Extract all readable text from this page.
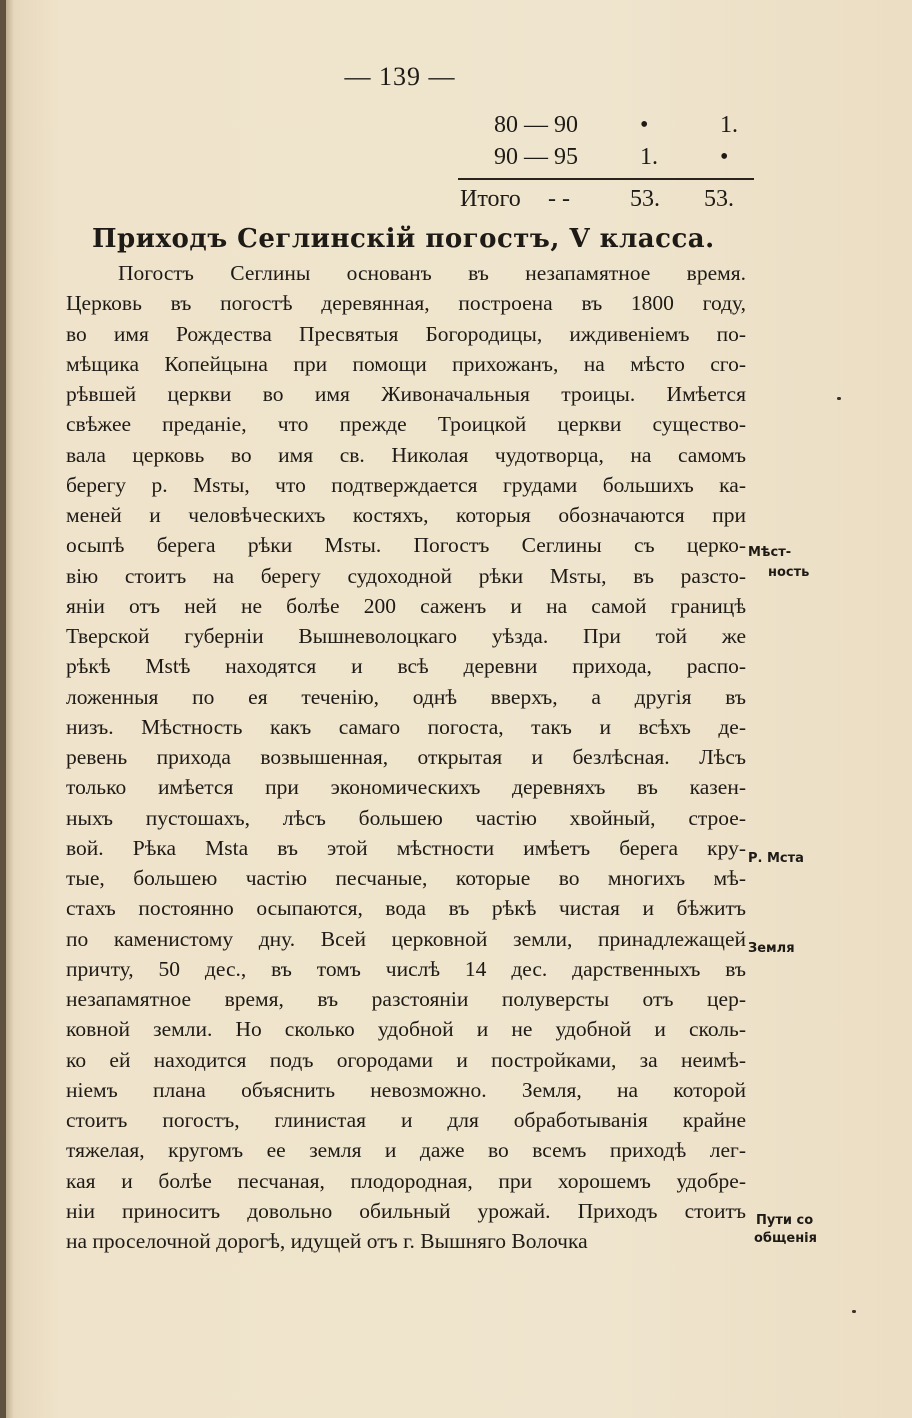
— 139 —
80 — 90	•	1.
90 — 95	1.	•
Итого - -	53. 53.
Приходъ Сеглинскій погостъ, V класса.
Погостъ Сеглины основанъ въ незапамятное время.
Церковь въ погостѣ деревянная, построена въ 1800 году,
во имя Рождества Пресвятыя Богородицы, иждивеніемъ по-
мѣщика Копейцына при помощи прихожанъ, на мѣсто сго-
рѣвшей церкви во имя Живоначальныя троицы. Имѣется
свѣжее преданіе, что прежде Троицкой церкви существо-
вала церковь во имя св. Николая чудотворца, на самомъ
берегу р. Msты, что подтверждается грудами большихъ ка-
меней и человѣческихъ костяхъ, которыя обозначаются при
осыпѣ берега рѣки Msты. Погостъ Сеглины съ церко-
вію стоитъ на берегу судоходной рѣки Msты, въ разсто-
яніи отъ ней не болѣе 200 саженъ и на самой границѣ
Тверской губерніи Вышневолоцкаго уѣзда. При той же
рѣкѣ Mstѣ находятся и всѣ деревни прихода, распо-
ложенныя по ея теченію, однѣ вверхъ, а другія въ
низъ. Мѣстность какъ самаго погоста, такъ и всѣхъ де-
ревень прихода возвышенная, открытая и безлѣсная. Лѣсъ
только имѣется при экономическихъ деревняхъ въ казен-
ныхъ пустошахъ, лѣсъ большею частію хвойный, строе-
вой. Рѣка Msta въ этой мѣстности имѣетъ берега кру-
тые, большею частію песчаные, которые во многихъ мѣ-
стахъ постоянно осыпаются, вода въ рѣкѣ чистая и бѣжитъ
по каменистому дну. Всей церковной земли, принадлежащей
причту, 50 дес., въ томъ числѣ 14 дес. дарственныхъ въ
незапамятное время, въ разстояніи полуверсты отъ цер-
ковной земли. Но сколько удобной и не удобной и сколь-
ко ей находится подъ огородами и постройками, за неимѣ-
ніемъ плана объяснить невозможно. Земля, на которой
стоитъ погостъ, глинистая и для обработыванія крайне
тяжелая, кругомъ ее земля и даже во всемъ приходѣ лег-
кая и болѣе песчаная, плодородная, при хорошемъ удобре-
ніи приноситъ довольно обильный урожай. Приходъ стоитъ
на проселочной дорогѣ, идущей отъ г. Вышняго Волочка
Мѣст-
ность
Р. Мста
Земля
Пути со
общенія
